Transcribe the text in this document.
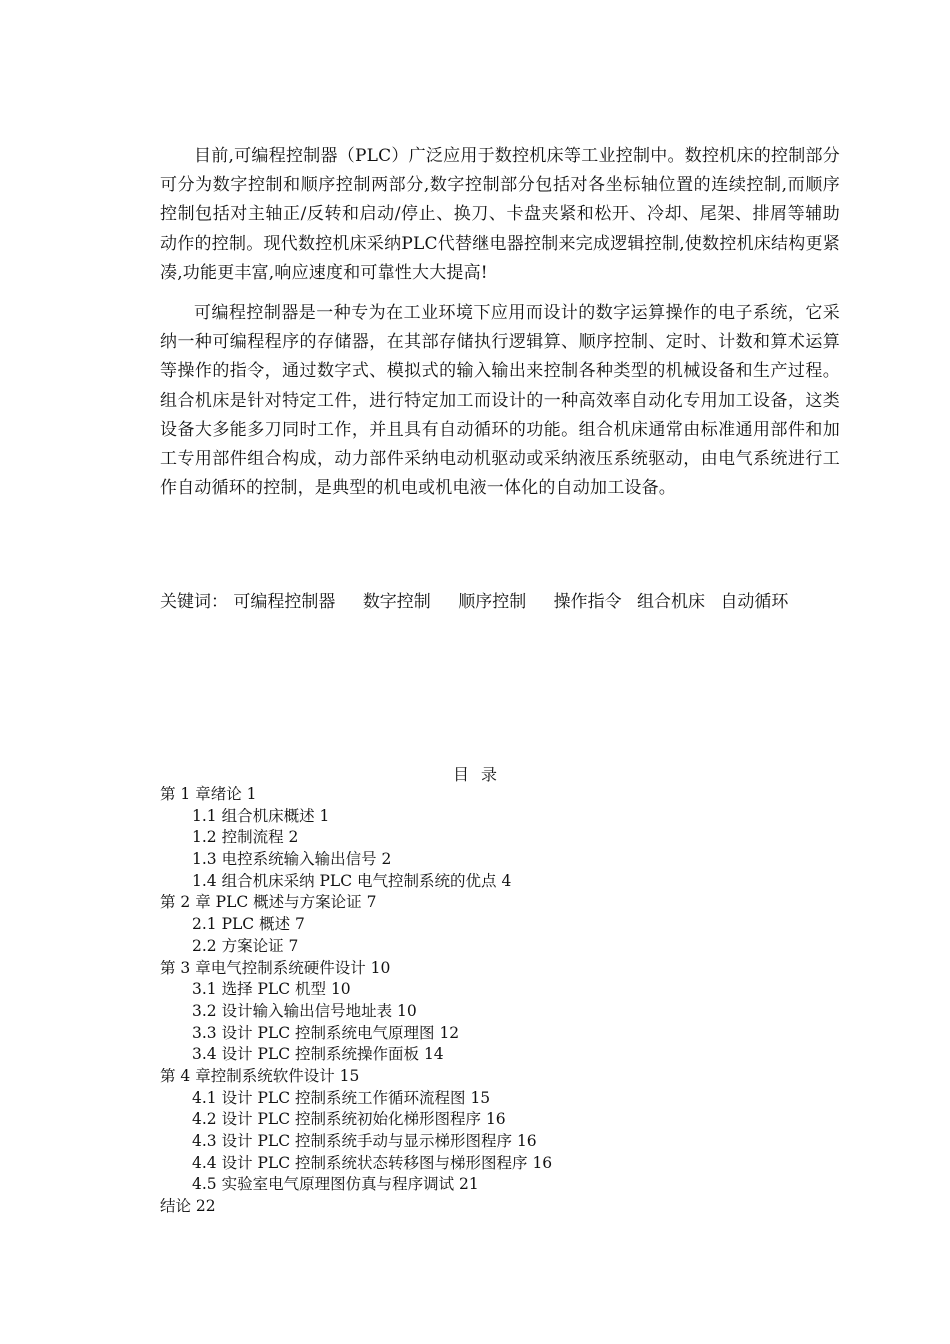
目前,可编程控制器（PLC）广泛应用于数控机床等工业控制中。数控机床的控制部分可分为数字控制和顺序控制两部分,数字控制部分包括对各坐标轴位置的连续控制,而顺序控制包括对主轴正/反转和启动/停止、换刀、卡盘夹紧和松开、冷却、尾架、排屑等辅助动作的控制。现代数控机床采纳PLC代替继电器控制来完成逻辑控制,使数控机床结构更紧凑,功能更丰富,响应速度和可靠性大大提高!

可编程控制器是一种专为在工业环境下应用而设计的数字运算操作的电子系统，它采纳一种可编程程序的存储器，在其部存储执行逻辑算、顺序控制、定时、计数和算术运算等操作的指令，通过数字式、模拟式的输入输出来控制各种类型的机械设备和生产过程。组合机床是针对特定工件，进行特定加工而设计的一种高效率自动化专用加工设备，这类设备大多能多刀同时工作，并且具有自动循环的功能。组合机床通常由标准通用部件和加工专用部件组合构成，动力部件采纳电动机驱动或采纳液压系统驱动，由电气系统进行工作自动循环的控制，是典型的机电或机电液一体化的自动加工设备。

关键词： 可编程控制器 数字控制 顺序控制 操作指令 组合机床 自动循环
目录
第 1 章绪论 1
1.1 组合机床概述 1
1.2 控制流程 2
1.3 电控系统输入输出信号 2
1.4 组合机床采纳 PLC 电气控制系统的优点 4
第 2 章 PLC 概述与方案论证 7
2.1 PLC 概述 7
2.2 方案论证 7
第 3 章电气控制系统硬件设计 10
3.1 选择 PLC 机型 10
3.2 设计输入输出信号地址表 10
3.3 设计 PLC 控制系统电气原理图 12
3.4 设计 PLC 控制系统操作面板 14
第 4 章控制系统软件设计 15
4.1 设计 PLC 控制系统工作循环流程图 15
4.2 设计 PLC 控制系统初始化梯形图程序 16
4.3 设计 PLC 控制系统手动与显示梯形图程序 16
4.4 设计 PLC 控制系统状态转移图与梯形图程序 16
4.5 实验室电气原理图仿真与程序调试 21
结论 22
